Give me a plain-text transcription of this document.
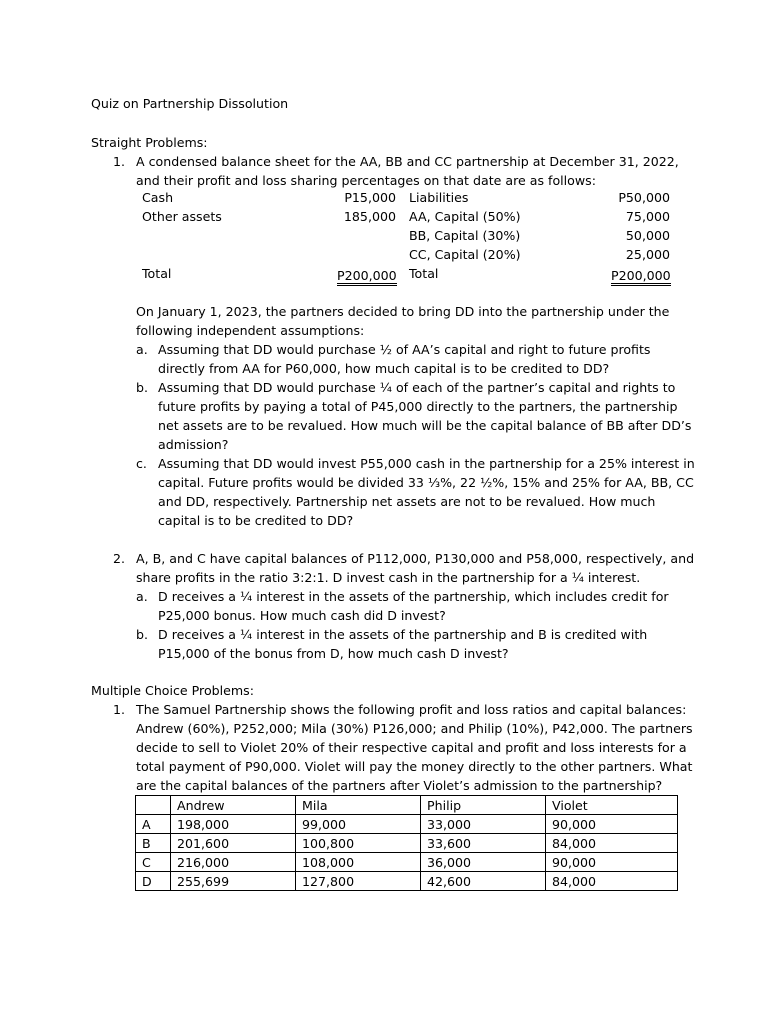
Quiz on Partnership Dissolution
Straight Problems:
1. A condensed balance sheet for the AA, BB and CC partnership at December 31, 2022,
and their profit and loss sharing percentages on that date are as follows:
Cash	P15,000 Liabilities	P50,000
Other assets	185,000 AA, Capital (50%)	75,000
BB, Capital (30%)	50,000
CC, Capital (20%)	25,000
Total	P200,000 Total	P200,000
On January 1, 2023, the partners decided to bring DD into the partnership under the
following independent assumptions:
a. Assuming that DD would purchase ½ of AA’s capital and right to future profits
directly from AA for P60,000, how much capital is to be credited to DD?
b. Assuming that DD would purchase ¼ of each of the partner’s capital and rights to
future profits by paying a total of P45,000 directly to the partners, the partnership
net assets are to be revalued. How much will be the capital balance of BB after DD’s
admission?
c. Assuming that DD would invest P55,000 cash in the partnership for a 25% interest in
capital. Future profits would be divided 33 ⅓%, 22 ½%, 15% and 25% for AA, BB, CC
and DD, respectively. Partnership net assets are not to be revalued. How much
capital is to be credited to DD?
2. A, B, and C have capital balances of P112,000, P130,000 and P58,000, respectively, and
share profits in the ratio 3:2:1. D invest cash in the partnership for a ¼ interest.
a. D receives a ¼ interest in the assets of the partnership, which includes credit for
P25,000 bonus. How much cash did D invest?
b. D receives a ¼ interest in the assets of the partnership and B is credited with
P15,000 of the bonus from D, how much cash D invest?
Multiple Choice Problems:
1. The Samuel Partnership shows the following profit and loss ratios and capital balances:
Andrew (60%), P252,000; Mila (30%) P126,000; and Philip (10%), P42,000. The partners
decide to sell to Violet 20% of their respective capital and profit and loss interests for a
total payment of P90,000. Violet will pay the money directly to the other partners. What
are the capital balances of the partners after Violet’s admission to the partnership?
	Andrew	Mila	Philip	Violet
A	198,000	99,000	33,000	90,000
B	201,600	100,800	33,600	84,000
C	216,000	108,000	36,000	90,000
D	255,699	127,800	42,600	84,000
